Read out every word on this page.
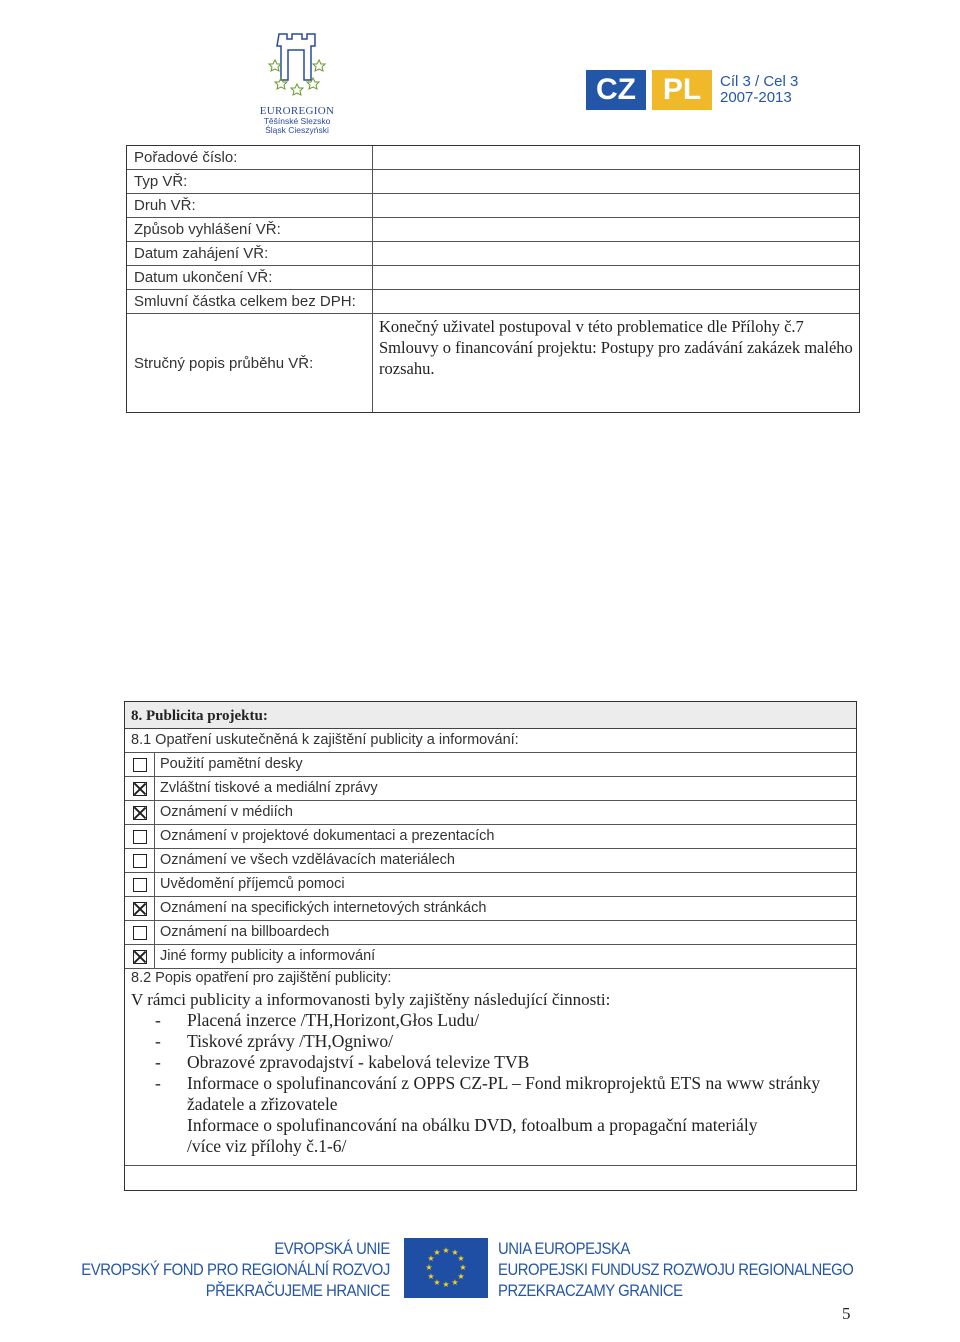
EUROREGION
Těšínské Slezsko
Śląsk Cieszyński
CZ PL	Cíl 3 / Cel 3
2007-2013
Pořadové číslo:
Typ VŘ:
Druh VŘ:
Způsob vyhlášení VŘ:
Datum zahájení VŘ:
Datum ukončení VŘ:
Smluvní částka celkem bez DPH:
Stručný popis průběhu VŘ:
Konečný uživatel postupoval v této problematice dle Přílohy č.7 Smlouvy o financování projektu: Postupy pro zadávání zakázek malého rozsahu.
8. Publicita projektu:
8.1 Opatření uskutečněná k zajištění publicity a informování:
Použití pamětní desky
Zvláštní tiskové a mediální zprávy
Oznámení v médiích
Oznámení v projektové dokumentaci a prezentacích
Oznámení ve všech vzdělávacích materiálech
Uvědomění příjemců pomoci
Oznámení na specifických internetových stránkách
Oznámení na billboardech
Jiné formy publicity a informování
8.2 Popis opatření pro zajištění publicity:
V rámci publicity a informovanosti byly zajištěny následující činnosti:
- Placená inzerce /TH,Horizont,Głos Ludu/
- Tiskové zprávy /TH,Ogniwo/
- Obrazové zpravodajství - kabelová televize TVB
- Informace o spolufinancování z OPPS CZ-PL – Fond mikroprojektů ETS na www stránky žadatele a zřizovatele
Informace o spolufinancování na obálku DVD, fotoalbum a propagační materiály
/více viz přílohy č.1-6/
EVROPSKÁ UNIE
EVROPSKÝ FOND PRO REGIONÁLNÍ ROZVOJ
PŘEKRAČUJEME HRANICE
★ ★
★
★
★
★
★
★
★
★
★
★	UNIA EUROPEJSKA
EUROPEJSKI FUNDUSZ ROZWOJU REGIONALNEGO
PRZEKRACZAMY GRANICE
5
